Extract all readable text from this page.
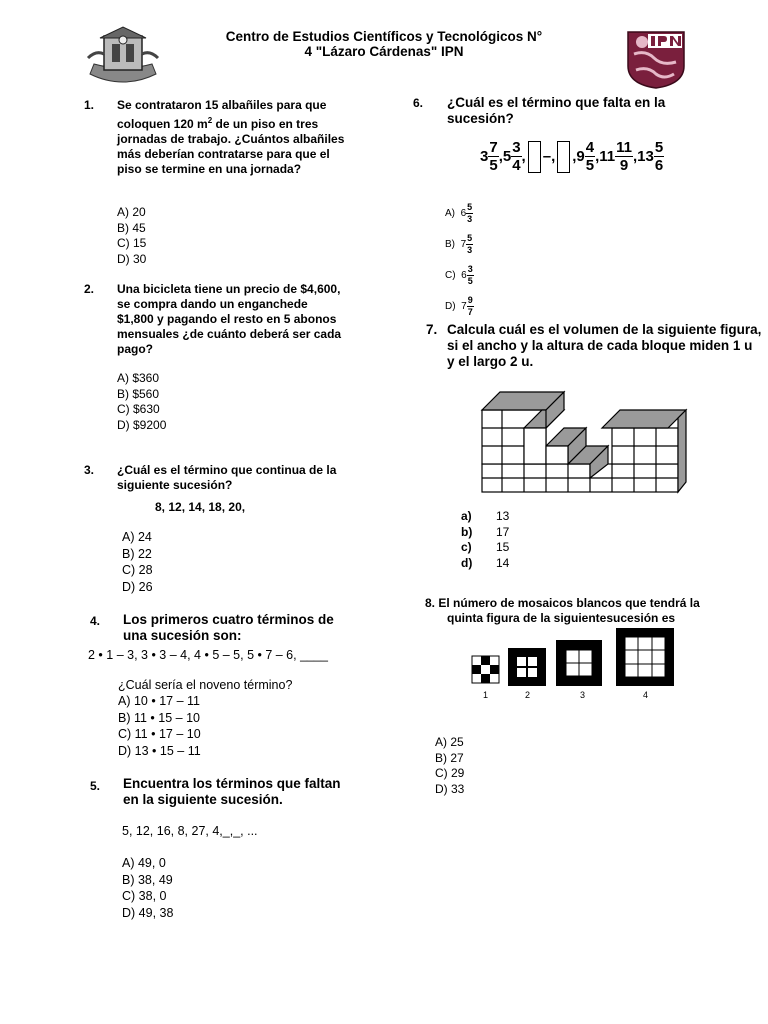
Centro de Estudios Científicos y Tecnológicos N°
4 "Lázaro Cárdenas" IPN
1. Se contrataron 15 albañiles para que coloquen 120 $m^2$ de un piso en tres jornadas de trabajo. ¿Cuántos albañiles más deberían contratarse para que el piso se termine en una jornada?
A) 20
B) 45
C) 15
D) 30
2. Una bicicleta tiene un precio de $4,600, se compra dando un enganchede $1,800 y pagando el resto en 5 abonos mensuales ¿de cuánto deberá ser cada pago?
A) $360
B) $560
C) $630
D) $9200
3. ¿Cuál es el término que continua de la siguiente sucesión?
8, 12, 14, 18, 20,
A) 24
B) 22
C) 28
D) 26
4. Los primeros cuatro términos de una sucesión son:
2 • 1 – 3, 3 • 3 – 4, 4 • 5 – 5, 5 • 7 – 6, ____
¿Cuál sería el noveno término?
A) 10 • 17 – 11
B) 11 • 15 – 10
C) 11 • 17 – 10
D) 13 • 15 – 11
5. Encuentra los términos que faltan en la siguiente sucesión.
5, 12, 16, 8, 27, 4,_,_, ...
A) 49, 0
B) 38, 49
C) 38, 0
D) 49, 38
6. ¿Cuál es el término que falta en la sucesión?
$3 \frac{7}{5}$ , $5 \frac{3}{4}$ , –, , $9 \frac{4}{5}$ , $11 \frac{11}{9}$ , $13 \frac{5}{6}$
A) $6 \frac{5}{3}$
B) $7 \frac{5}{3}$
C) $6 \frac{3}{5}$
D) $7 \frac{9}{7}$
7. Calcula cuál es el volumen de la siguiente figura, si el ancho y la altura de cada bloque miden 1 u y el largo 2 u.
a) 13
b) 17
c) 15
d) 14
8. El número de mosaicos blancos que tendrá la
quinta figura de la siguientesucesión es
1	2	3	4
A) 25
B) 27
C) 29
D) 33
